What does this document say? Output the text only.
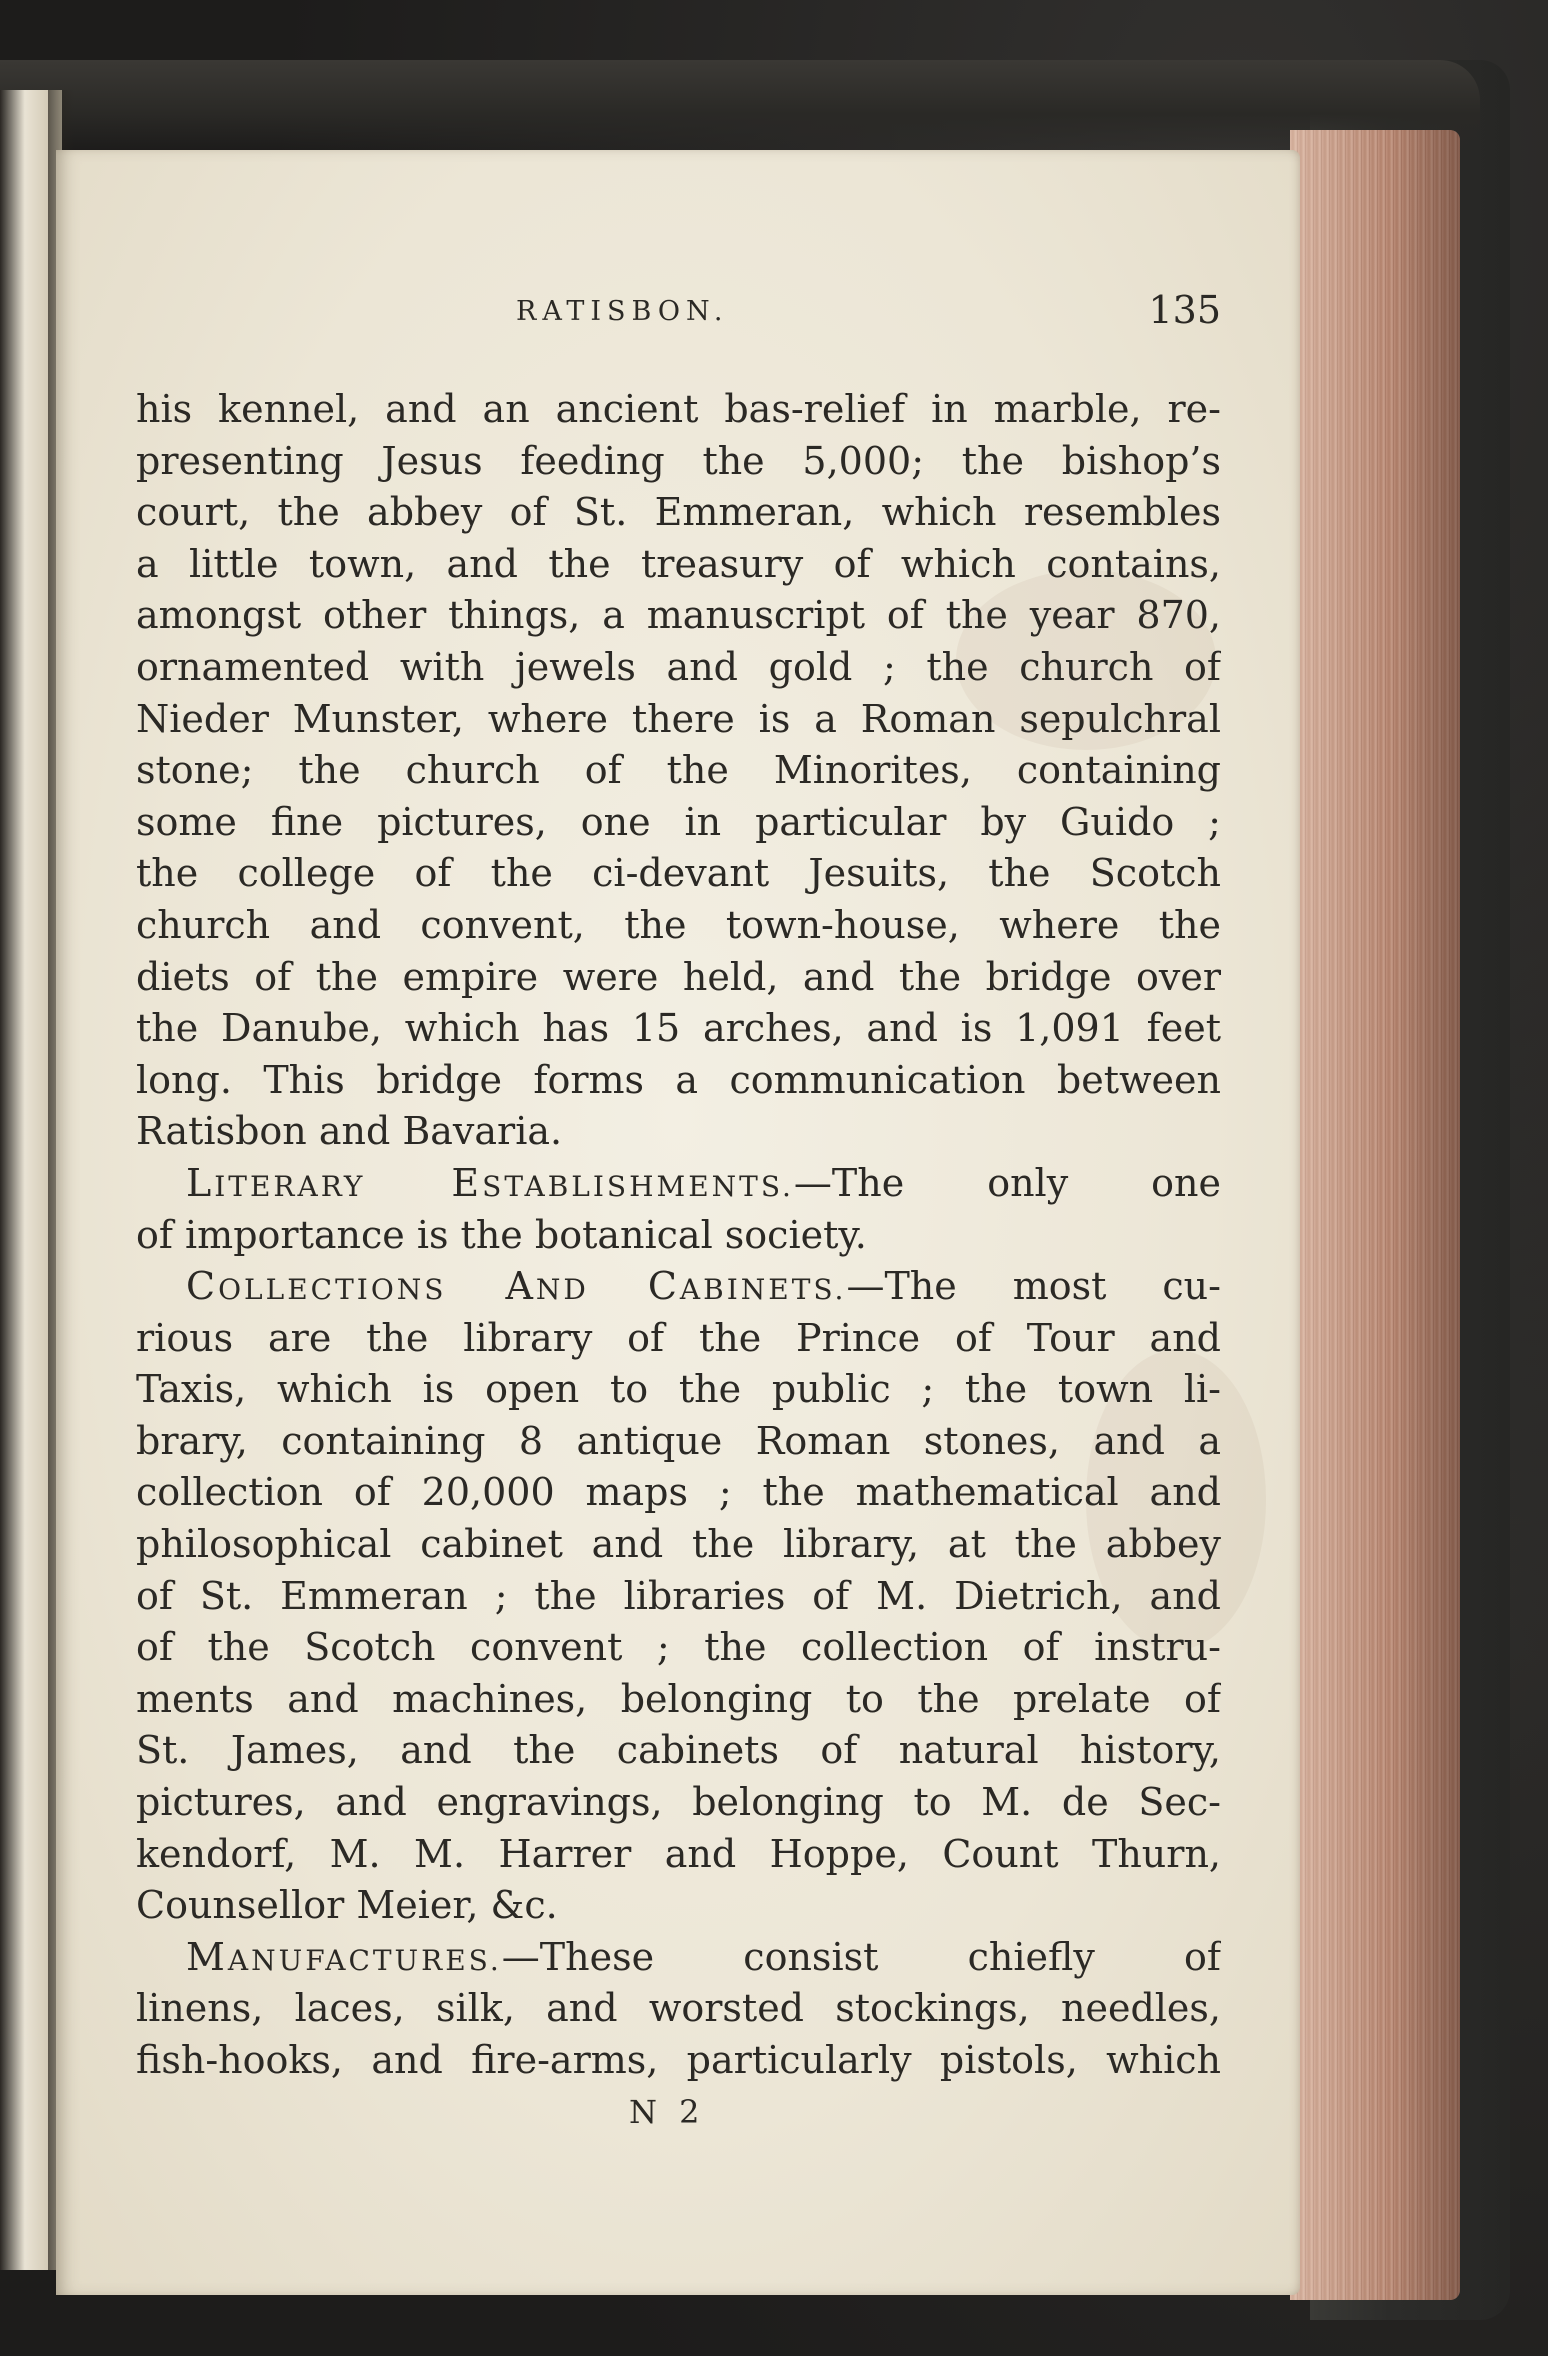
RATISBON.	135
his kennel, and an ancient bas-relief in marble, re-
presenting Jesus feeding the 5,000; the bishop’s
court, the abbey of St. Emmeran, which resembles
a little town, and the treasury of which contains,
amongst other things, a manuscript of the year 870,
ornamented with jewels and gold ; the church of
Nieder Munster, where there is a Roman sepulchral
stone; the church of the Minorites, containing
some fine pictures, one in particular by Guido ;
the college of the ci-devant Jesuits, the Scotch
church and convent, the town-house, where the
diets of the empire were held, and the bridge over
the Danube, which has 15 arches, and is 1,091 feet
long. This bridge forms a communication between
Ratisbon and Bavaria.
LITERARY ESTABLISHMENTS.—The only one
of importance is the botanical society.
COLLECTIONS AND CABINETS.—The most cu-
rious are the library of the Prince of Tour and
Taxis, which is open to the public ; the town li-
brary, containing 8 antique Roman stones, and a
collection of 20,000 maps ; the mathematical and
philosophical cabinet and the library, at the abbey
of St. Emmeran ; the libraries of M. Dietrich, and
of the Scotch convent ; the collection of instru-
ments and machines, belonging to the prelate of
St. James, and the cabinets of natural history,
pictures, and engravings, belonging to M. de Sec-
kendorf, M. M. Harrer and Hoppe, Count Thurn,
Counsellor Meier, &c.
MANUFACTURES.—These consist chiefly of
linens, laces, silk, and worsted stockings, needles,
fish-hooks, and fire-arms, particularly pistols, which
N 2
